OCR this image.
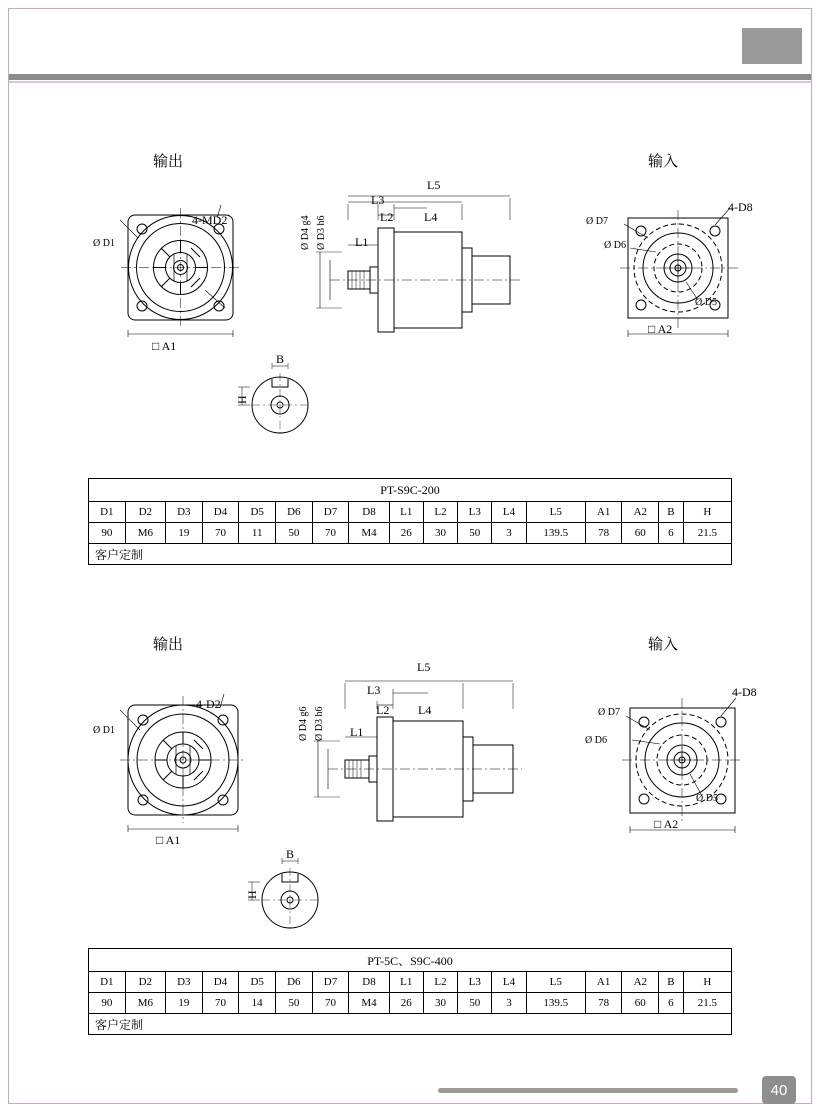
输出	输入
Ø D1
4-MD2
□ A1
L5
L3
L2	L4
L1
Ø D4 g4 Ø D3 h6
4-D8
Ø D7
Ø D6
Ø D5
□ A2
B
H
PT-S9C-200																
D1	D2	D3	D4	D5	D6	D7	D8	L1	L2	L3	L4	L5	A1	A2	B	H
90	M6	19	70	11	50	70	M4	26	30	50	3	139.5	78	60	6	21.5
客户定制																
输出	输入
Ø D1
4-D2
□ A1
L5
L3
L2 L4
L1
Ø D4 g6 Ø D3 h6
4-D8
Ø D7
Ø D6
Ø D5
□ A2
B
H
PT-5C、S9C-400																
D1	D2	D3	D4	D5	D6	D7	D8	L1	L2	L3	L4	L5	A1	A2	B	H
90	M6	19	70	14	50	70	M4	26	30	50	3	139.5	78	60	6	21.5
客户定制																
40
